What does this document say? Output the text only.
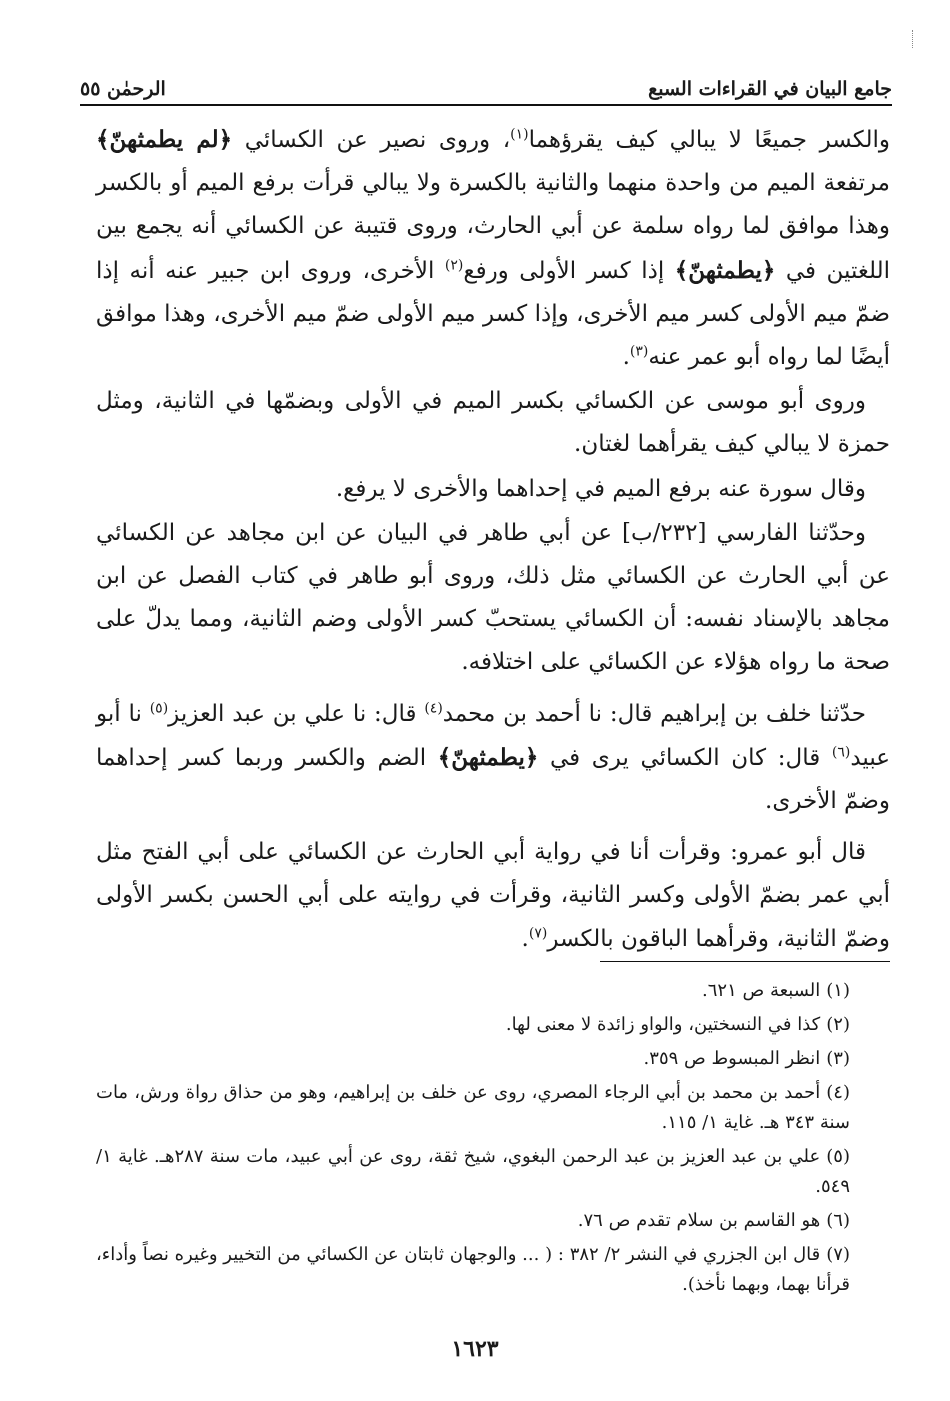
جامع البيان في القراءات السبع
الرحمٰن ٥٥

والكسر جميعًا لا يبالي كيف يقرؤهما$^{(١)}$، وروى نصير عن الكسائي ﴿لم يطمثهنّ﴾ مرتفعة الميم من واحدة منهما والثانية بالكسرة ولا يبالي قرأت برفع الميم أو بالكسر وهذا موافق لما رواه سلمة عن أبي الحارث، وروى قتيبة عن الكسائي أنه يجمع بين اللغتين في ﴿يطمثهنّ﴾ إذا كسر الأولى ورفع$^{(٢)}$ الأخرى، وروى ابن جبير عنه أنه إذا ضمّ ميم الأولى كسر ميم الأخرى، وإذا كسر ميم الأولى ضمّ ميم الأخرى، وهذا موافق أيضًا لما رواه أبو عمر عنه$^{(٣)}$.

وروى أبو موسى عن الكسائي بكسر الميم في الأولى وبضمّها في الثانية، ومثل حمزة لا يبالي كيف يقرأهما لغتان.

وقال سورة عنه برفع الميم في إحداهما والأخرى لا يرفع.

وحدّثنا الفارسي [٢٣٢/ب] عن أبي طاهر في البيان عن ابن مجاهد عن الكسائي عن أبي الحارث عن الكسائي مثل ذلك، وروى أبو طاهر في كتاب الفصل عن ابن مجاهد بالإسناد نفسه: أن الكسائي يستحبّ كسر الأولى وضم الثانية، ومما يدلّ على صحة ما رواه هؤلاء عن الكسائي على اختلافه.

حدّثنا خلف بن إبراهيم قال: نا أحمد بن محمد$^{(٤)}$ قال: نا علي بن عبد العزيز$^{(٥)}$ نا أبو عبيد$^{(٦)}$ قال: كان الكسائي يرى في ﴿يطمثهنّ﴾ الضم والكسر وربما كسر إحداهما وضمّ الأخرى.

قال أبو عمرو: وقرأت أنا في رواية أبي الحارث عن الكسائي على أبي الفتح مثل أبي عمر بضمّ الأولى وكسر الثانية، وقرأت في روايته على أبي الحسن بكسر الأولى وضمّ الثانية، وقرأهما الباقون بالكسر$^{(٧)}$.

(١)السبعة ص ٦٢١.
(٢)كذا في النسختين، والواو زائدة لا معنى لها.
(٣)انظر المبسوط ص ٣٥٩.
(٤)أحمد بن محمد بن أبي الرجاء المصري، روى عن خلف بن إبراهيم، وهو من حذاق رواة ورش، مات سنة ٣٤٣ هـ. غاية ١/ ١١٥.
(٥)علي بن عبد العزيز بن عبد الرحمن البغوي، شيخ ثقة، روى عن أبي عبيد، مات سنة ٢٨٧هـ. غاية ١/ ٥٤٩.
(٦)هو القاسم بن سلام تقدم ص ٧٦.
(٧)قال ابن الجزري في النشر ٢/ ٣٨٢ : ( ... والوجهان ثابتان عن الكسائي من التخيير وغيره نصاً وأداء، قرأنا بهما، وبهما نأخذ).
١٦٢٣
